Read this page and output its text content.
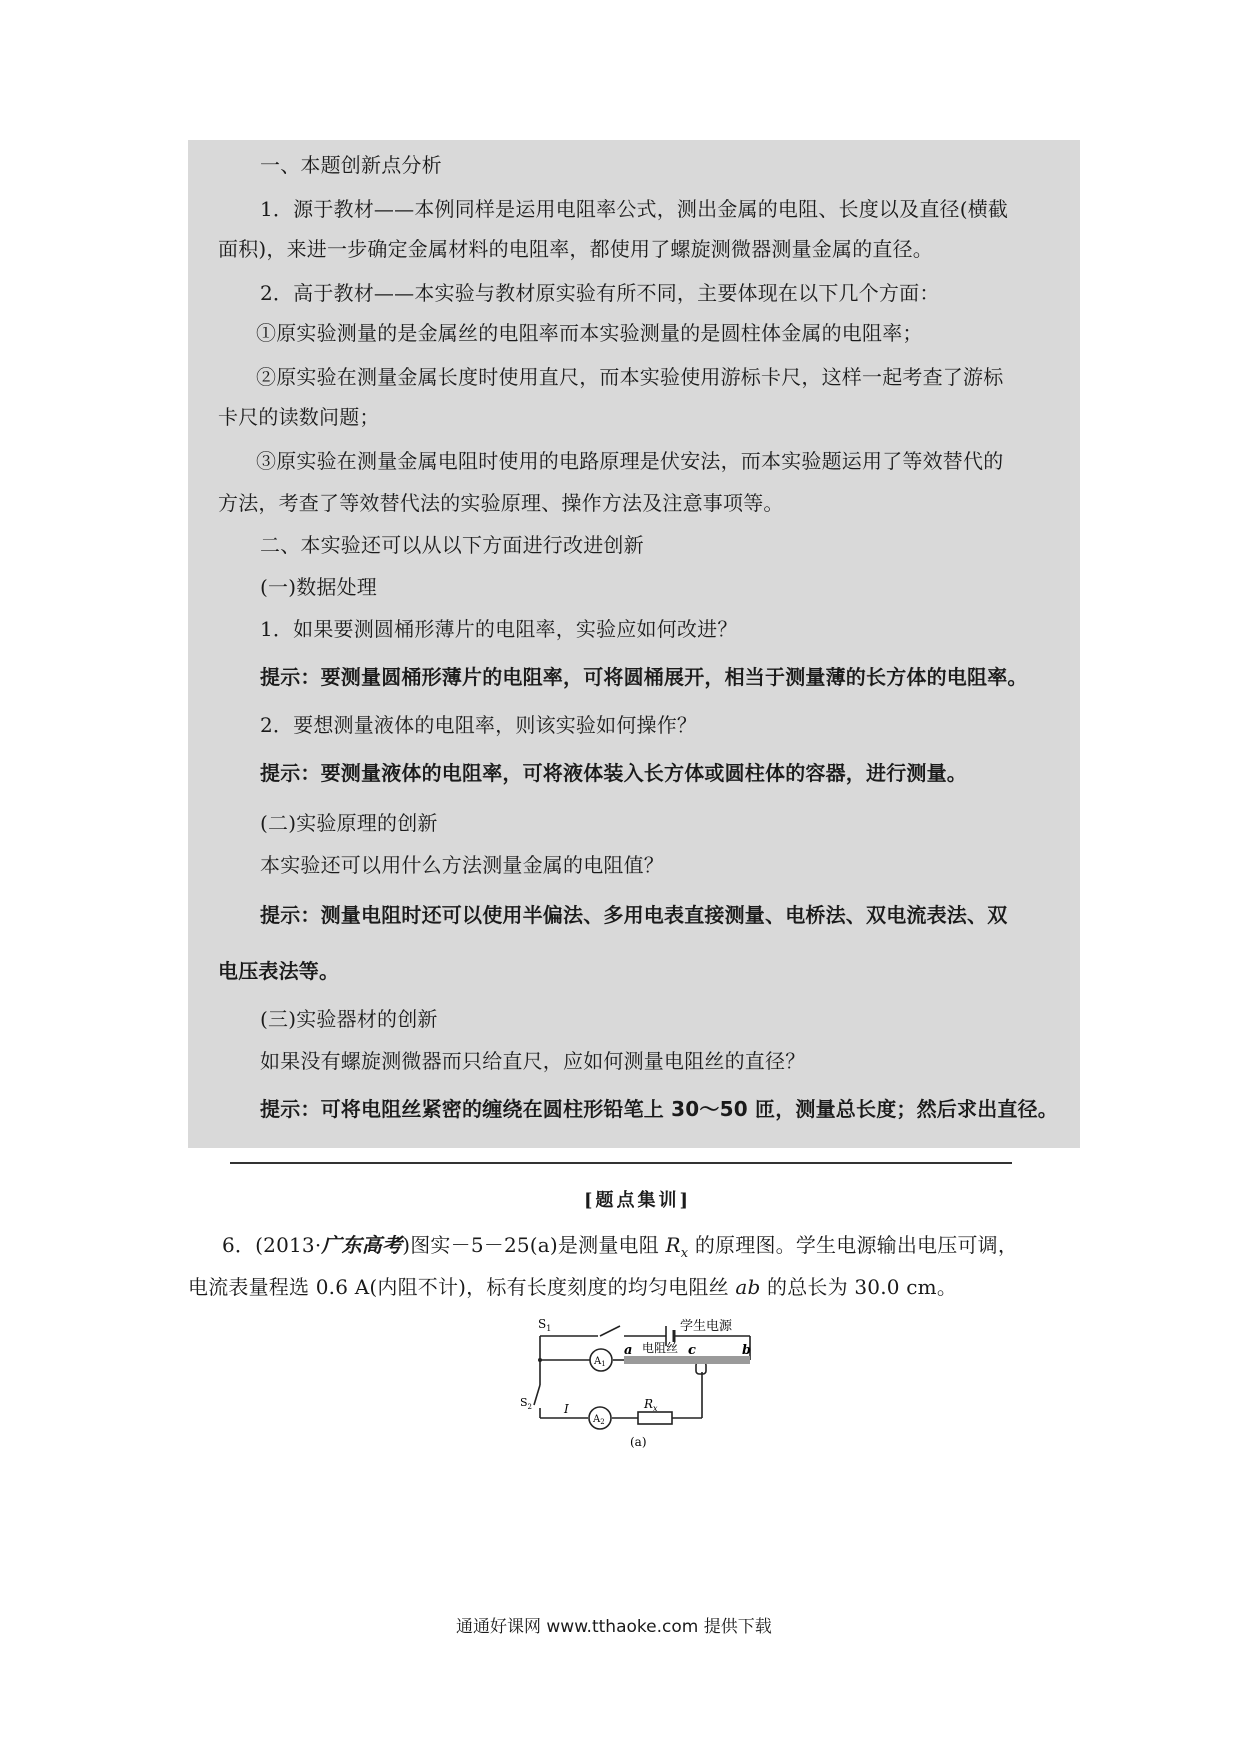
一、本题创新点分析
1．源于教材——本例同样是运用电阻率公式，测出金属的电阻、长度以及直径(横截
面积)，来进一步确定金属材料的电阻率，都使用了螺旋测微器测量金属的直径。
2．高于教材——本实验与教材原实验有所不同，主要体现在以下几个方面：
①原实验测量的是金属丝的电阻率而本实验测量的是圆柱体金属的电阻率；
②原实验在测量金属长度时使用直尺，而本实验使用游标卡尺，这样一起考查了游标
卡尺的读数问题；
③原实验在测量金属电阻时使用的电路原理是伏安法，而本实验题运用了等效替代的
方法，考查了等效替代法的实验原理、操作方法及注意事项等。
二、本实验还可以从以下方面进行改进创新
(一)数据处理
1．如果要测圆桶形薄片的电阻率，实验应如何改进？
提示：要测量圆桶形薄片的电阻率，可将圆桶展开，相当于测量薄的长方体的电阻率。
2．要想测量液体的电阻率，则该实验如何操作？
提示：要测量液体的电阻率，可将液体装入长方体或圆柱体的容器，进行测量。
(二)实验原理的创新
本实验还可以用什么方法测量金属的电阻值？
提示：测量电阻时还可以使用半偏法、多用电表直接测量、电桥法、双电流表法、双
电压表法等。
(三)实验器材的创新
如果没有螺旋测微器而只给直尺，应如何测量电阻丝的直径？
提示：可将电阻丝紧密的缠绕在圆柱形铅笔上 30～50 匝，测量总长度；然后求出直径。
[题点集训]
6．(2013·广东高考)图实－5－25(a)是测量电阻 $R_x$ 的原理图。学生电源输出电压可调，
电流表量程选 0.6 A(内阻不计)，标有长度刻度的均匀电阻丝 ab 的总长为 30.0 cm。
$S_1$	学生电源
a 电阻丝 c	b
$A_1$
$S_2$	I
$A_2$
$R_x$
(a)
通通好课网 www.tthaoke.com 提供下载
